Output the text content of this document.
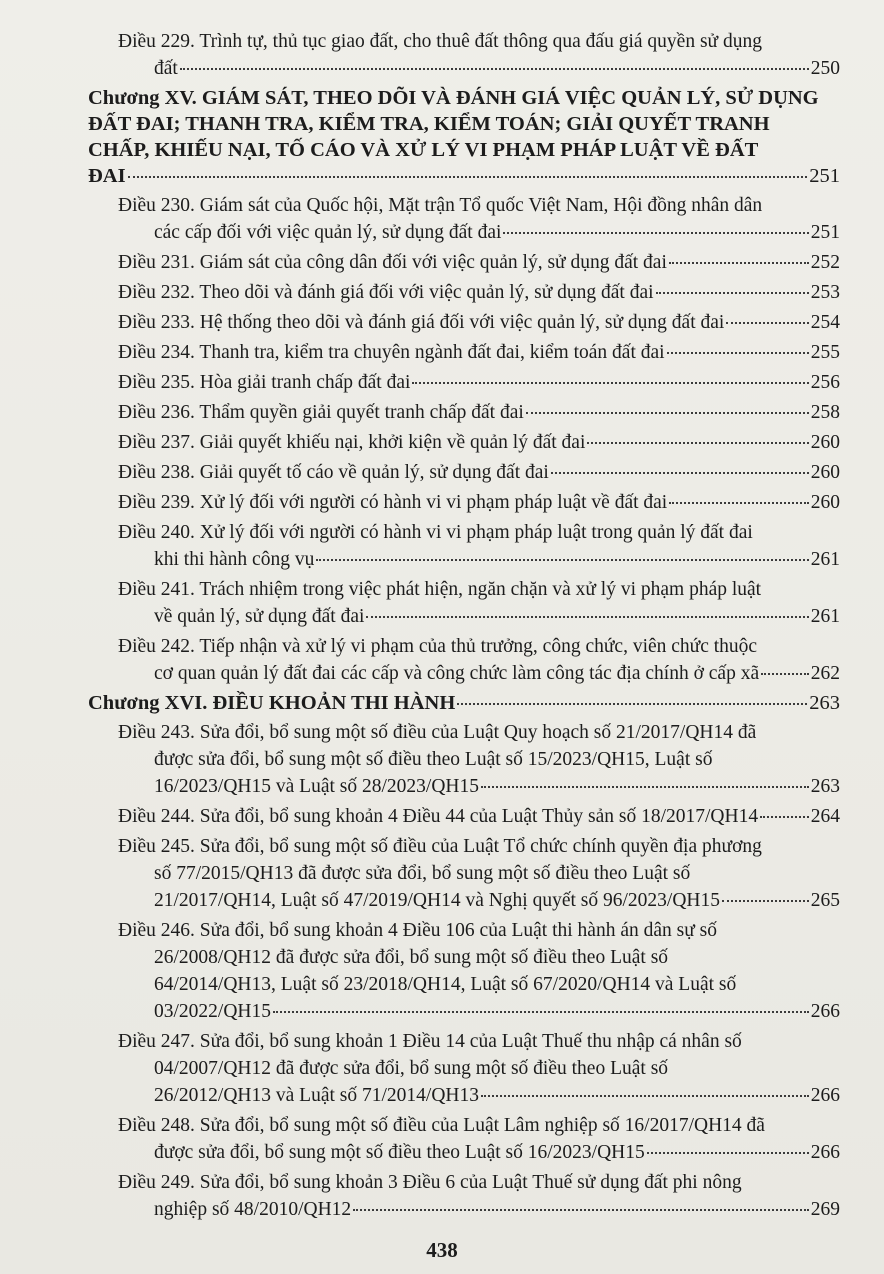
Điều 229. Trình tự, thủ tục giao đất, cho thuê đất thông qua đấu giá quyền sử dụng
đất	250
Chương XV. GIÁM SÁT, THEO DÕI VÀ ĐÁNH GIÁ VIỆC QUẢN LÝ, SỬ DỤNG
ĐẤT ĐAI; THANH TRA, KIỂM TRA, KIỂM TOÁN; GIẢI QUYẾT TRANH
CHẤP, KHIẾU NẠI, TỐ CÁO VÀ XỬ LÝ VI PHẠM PHÁP LUẬT VỀ ĐẤT
ĐAI	251
Điều 230. Giám sát của Quốc hội, Mặt trận Tổ quốc Việt Nam, Hội đồng nhân dân
các cấp đối với việc quản lý, sử dụng đất đai	251
Điều 231. Giám sát của công dân đối với việc quản lý, sử dụng đất đai	252
Điều 232. Theo dõi và đánh giá đối với việc quản lý, sử dụng đất đai	253
Điều 233. Hệ thống theo dõi và đánh giá đối với việc quản lý, sử dụng đất đai	254
Điều 234. Thanh tra, kiểm tra chuyên ngành đất đai, kiểm toán đất đai	255
Điều 235. Hòa giải tranh chấp đất đai	256
Điều 236. Thẩm quyền giải quyết tranh chấp đất đai	258
Điều 237. Giải quyết khiếu nại, khởi kiện về quản lý đất đai	260
Điều 238. Giải quyết tố cáo về quản lý, sử dụng đất đai	260
Điều 239. Xử lý đối với người có hành vi vi phạm pháp luật về đất đai	260
Điều 240. Xử lý đối với người có hành vi vi phạm pháp luật trong quản lý đất đai
khi thi hành công vụ	261
Điều 241. Trách nhiệm trong việc phát hiện, ngăn chặn và xử lý vi phạm pháp luật
về quản lý, sử dụng đất đai	261
Điều 242. Tiếp nhận và xử lý vi phạm của thủ trưởng, công chức, viên chức thuộc
cơ quan quản lý đất đai các cấp và công chức làm công tác địa chính ở cấp xã	262
Chương XVI. ĐIỀU KHOẢN THI HÀNH	263
Điều 243. Sửa đổi, bổ sung một số điều của Luật Quy hoạch số 21/2017/QH14 đã
được sửa đổi, bổ sung một số điều theo Luật số 15/2023/QH15, Luật số
16/2023/QH15 và Luật số 28/2023/QH15	263
Điều 244. Sửa đổi, bổ sung khoản 4 Điều 44 của Luật Thủy sản số 18/2017/QH14	264
Điều 245. Sửa đổi, bổ sung một số điều của Luật Tổ chức chính quyền địa phương
số 77/2015/QH13 đã được sửa đổi, bổ sung một số điều theo Luật số
21/2017/QH14, Luật số 47/2019/QH14 và Nghị quyết số 96/2023/QH15	265
Điều 246. Sửa đổi, bổ sung khoản 4 Điều 106 của Luật thi hành án dân sự số
26/2008/QH12 đã được sửa đổi, bổ sung một số điều theo Luật số
64/2014/QH13, Luật số 23/2018/QH14, Luật số 67/2020/QH14 và Luật số
03/2022/QH15	266
Điều 247. Sửa đổi, bổ sung khoản 1 Điều 14 của Luật Thuế thu nhập cá nhân số
04/2007/QH12 đã được sửa đổi, bổ sung một số điều theo Luật số
26/2012/QH13 và Luật số 71/2014/QH13	266
Điều 248. Sửa đổi, bổ sung một số điều của Luật Lâm nghiệp số 16/2017/QH14 đã
được sửa đổi, bổ sung một số điều theo Luật số 16/2023/QH15	266
Điều 249. Sửa đổi, bổ sung khoản 3 Điều 6 của Luật Thuế sử dụng đất phi nông
nghiệp số 48/2010/QH12	269
438
